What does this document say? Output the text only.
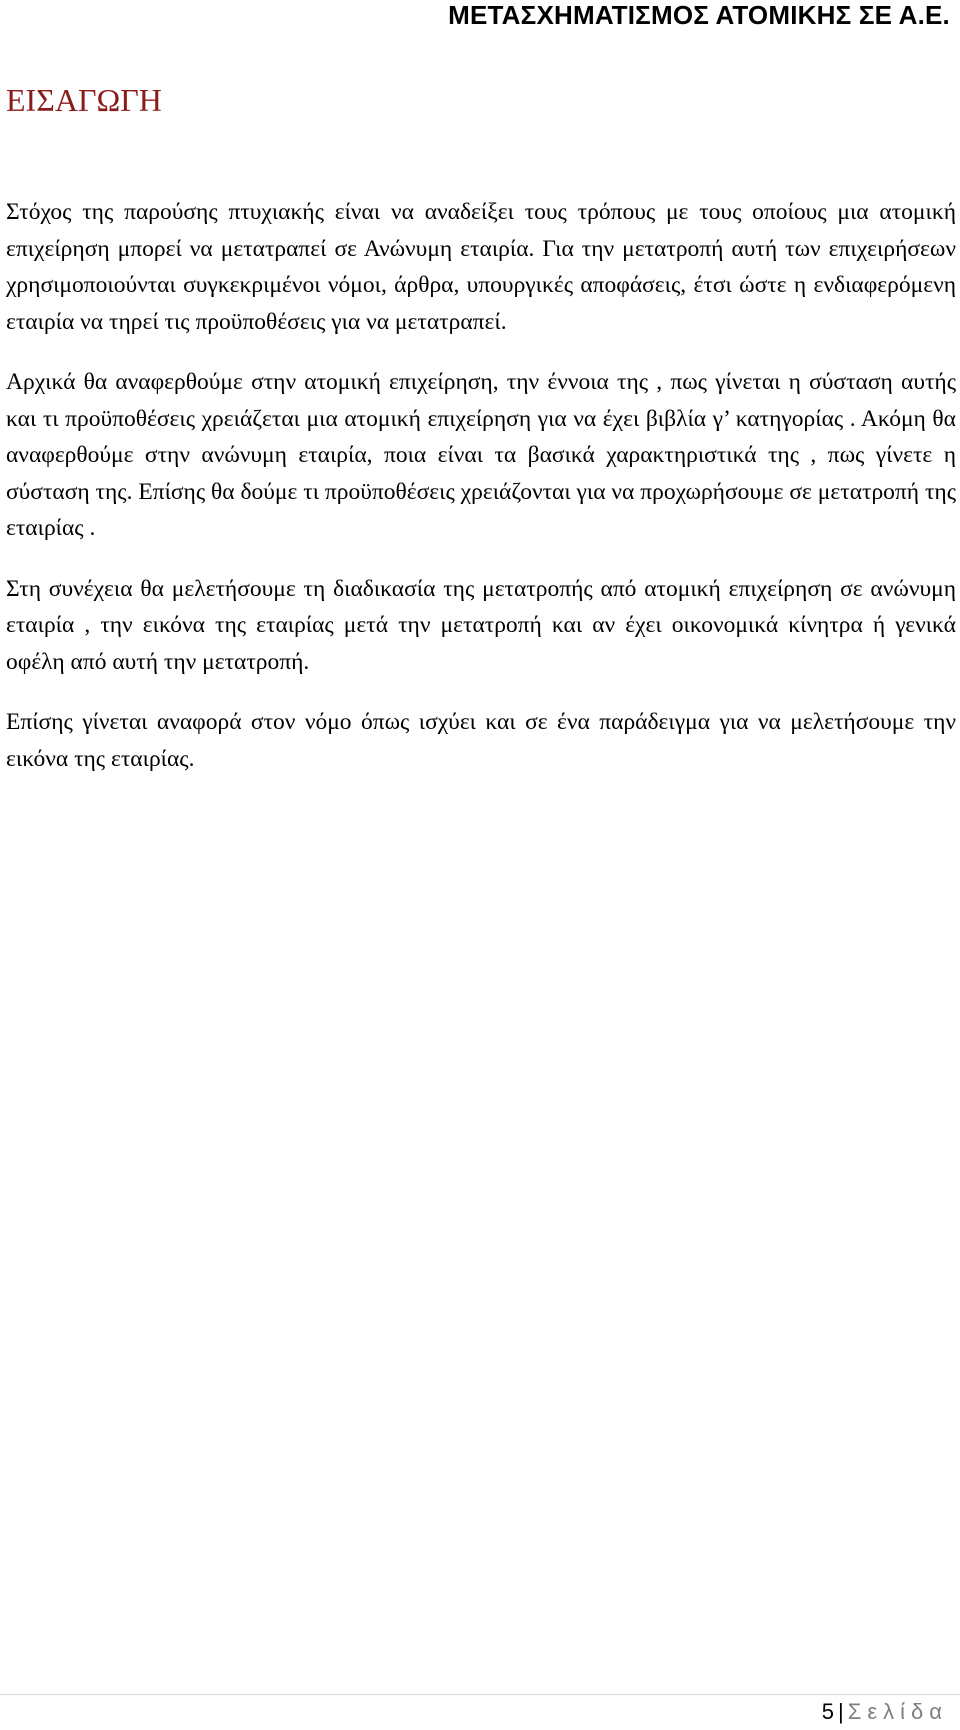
ΜΕΤΑΣΧΗΜΑΤΙΣΜΟΣ ΑΤΟΜΙΚΗΣ ΣΕ Α.Ε.
ΕΙΣΑΓΩΓΗ

Στόχος της παρούσης πτυχιακής είναι να αναδείξει τους τρόπους με τους οποίους μια ατομική επιχείρηση μπορεί να μετατραπεί σε Ανώνυμη εταιρία. Για την μετατροπή αυτή των επιχειρήσεων χρησιμοποιούνται συγκεκριμένοι νόμοι, άρθρα, υπουργικές αποφάσεις, έτσι ώστε η ενδιαφερόμενη εταιρία να τηρεί τις προϋποθέσεις για να μετατραπεί.

Αρχικά θα αναφερθούμε στην ατομική επιχείρηση, την έννοια της , πως γίνεται η σύσταση αυτής και τι προϋποθέσεις χρειάζεται μια ατομική επιχείρηση για να έχει βιβλία γ’ κατηγορίας . Ακόμη θα αναφερθούμε στην ανώνυμη εταιρία, ποια είναι τα βασικά χαρακτηριστικά της , πως γίνετε η σύσταση της. Επίσης θα δούμε τι προϋποθέσεις χρειάζονται για να προχωρήσουμε σε μετατροπή της εταιρίας .

Στη συνέχεια θα μελετήσουμε τη διαδικασία της μετατροπής από ατομική επιχείρηση σε ανώνυμη εταιρία , την εικόνα της εταιρίας μετά την μετατροπή και αν έχει οικονομικά κίνητρα ή γενικά οφέλη από αυτή την μετατροπή.

Επίσης γίνεται αναφορά στον νόμο όπως ισχύει και σε ένα παράδειγμα για να μελετήσουμε την εικόνα της εταιρίας.

5 | Σελίδα
